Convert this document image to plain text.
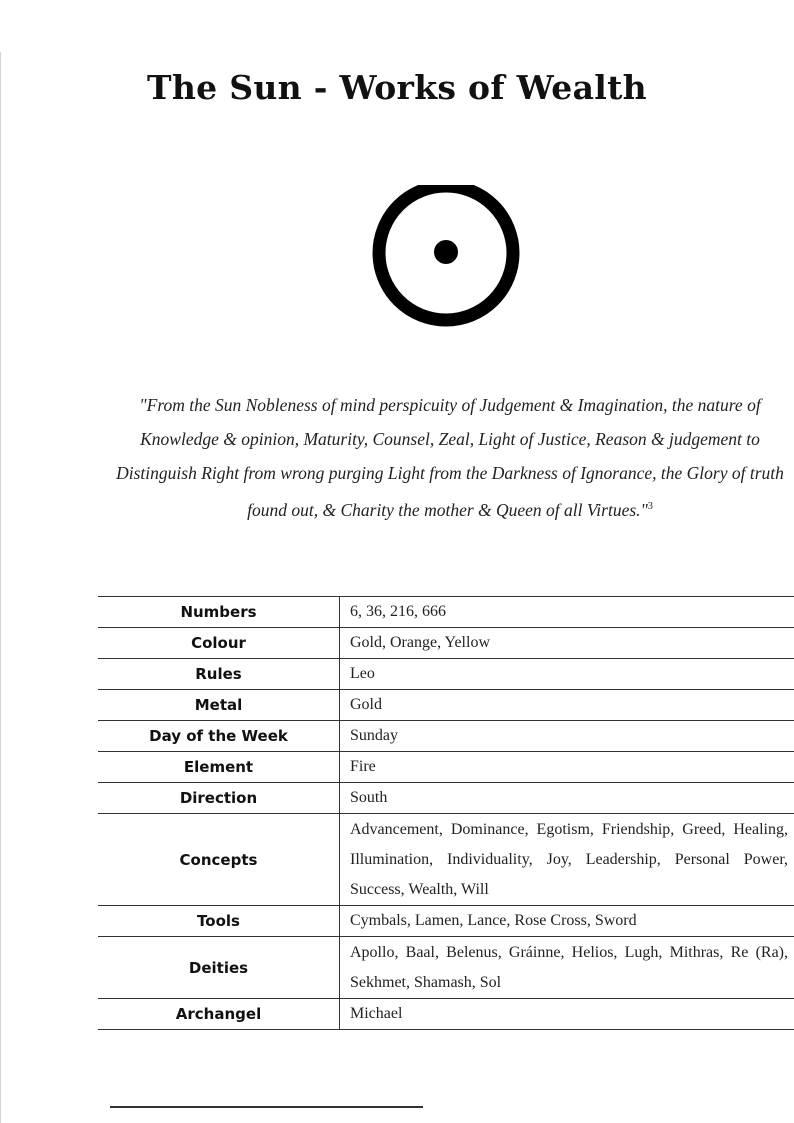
The Sun - Works of Wealth

"From the Sun Nobleness of mind perspicuity of Judgement & Imagination, the nature of Knowledge & opinion, Maturity, Counsel, Zeal, Light of Justice, Reason & judgement to Distinguish Right from wrong purging Light from the Darkness of Ignorance, the Glory of truth found out, & Charity the mother & Queen of all Virtues."$^3$

Numbers	6, 36, 216, 666
Colour	Gold, Orange, Yellow
Rules	Leo
Metal	Gold
Day of the Week	Sunday
Element	Fire
Direction	South
Concepts	Advancement, Dominance, Egotism, Friendship, Greed, Healing, Illumination, Individuality, Joy, Leadership, Personal Power, Success, Wealth, Will
Tools	Cymbals, Lamen, Lance, Rose Cross, Sword
Deities	Apollo, Baal, Belenus, Gráinne, Helios, Lugh, Mithras, Re (Ra), Sekhmet, Shamash, Sol
Archangel	Michael
